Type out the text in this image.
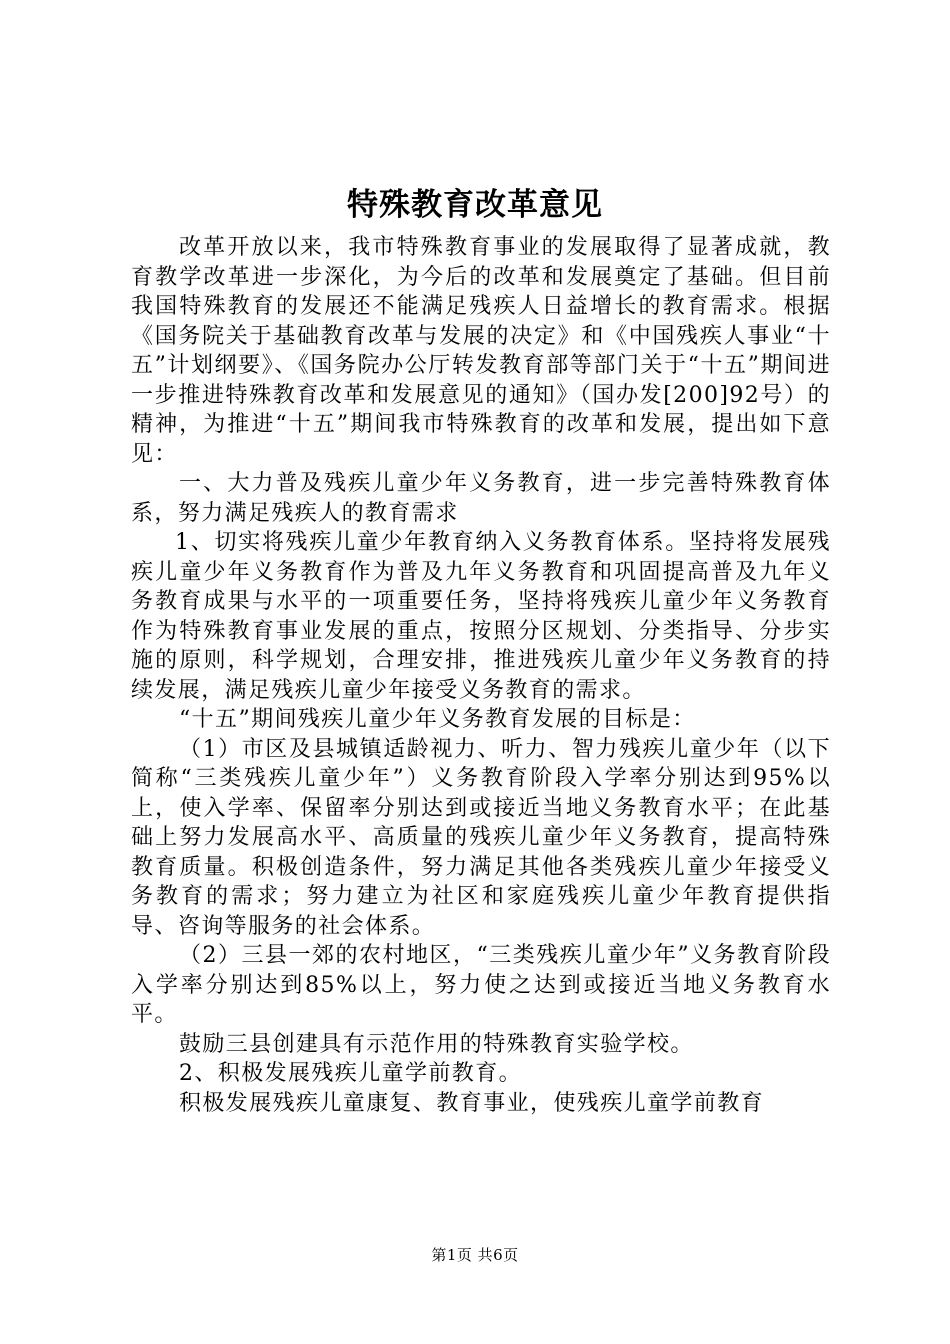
特殊教育改革意见

改革开放以来，我市特殊教育事业的发展取得了显著成就，教育教学改革进一步深化，为今后的改革和发展奠定了基础。但目前我国特殊教育的发展还不能满足残疾人日益增长的教育需求。根据《国务院关于基础教育改革与发展的决定》和《中国残疾人事业“十五”计划纲要》、《国务院办公厅转发教育部等部门关于“十五”期间进一步推进特殊教育改革和发展意见的通知》（国办发[200]92号）的精神，为推进“十五”期间我市特殊教育的改革和发展，提出如下意见：

一、大力普及残疾儿童少年义务教育，进一步完善特殊教育体系，努力满足残疾人的教育需求

1、切实将残疾儿童少年教育纳入义务教育体系。坚持将发展残疾儿童少年义务教育作为普及九年义务教育和巩固提高普及九年义务教育成果与水平的一项重要任务，坚持将残疾儿童少年义务教育作为特殊教育事业发展的重点，按照分区规划、分类指导、分步实施的原则，科学规划，合理安排，推进残疾儿童少年义务教育的持续发展，满足残疾儿童少年接受义务教育的需求。

“十五”期间残疾儿童少年义务教育发展的目标是：

（1）市区及县城镇适龄视力、听力、智力残疾儿童少年（以下简称“三类残疾儿童少年”）义务教育阶段入学率分别达到95%以上，使入学率、保留率分别达到或接近当地义务教育水平；在此基础上努力发展高水平、高质量的残疾儿童少年义务教育，提高特殊教育质量。积极创造条件，努力满足其他各类残疾儿童少年接受义务教育的需求；努力建立为社区和家庭残疾儿童少年教育提供指导、咨询等服务的社会体系。

（2）三县一郊的农村地区，“三类残疾儿童少年”义务教育阶段入学率分别达到85%以上，努力使之达到或接近当地义务教育水平。

鼓励三县创建具有示范作用的特殊教育实验学校。

2、积极发展残疾儿童学前教育。

积极发展残疾儿童康复、教育事业，使残疾儿童学前教育

第1页 共6页
